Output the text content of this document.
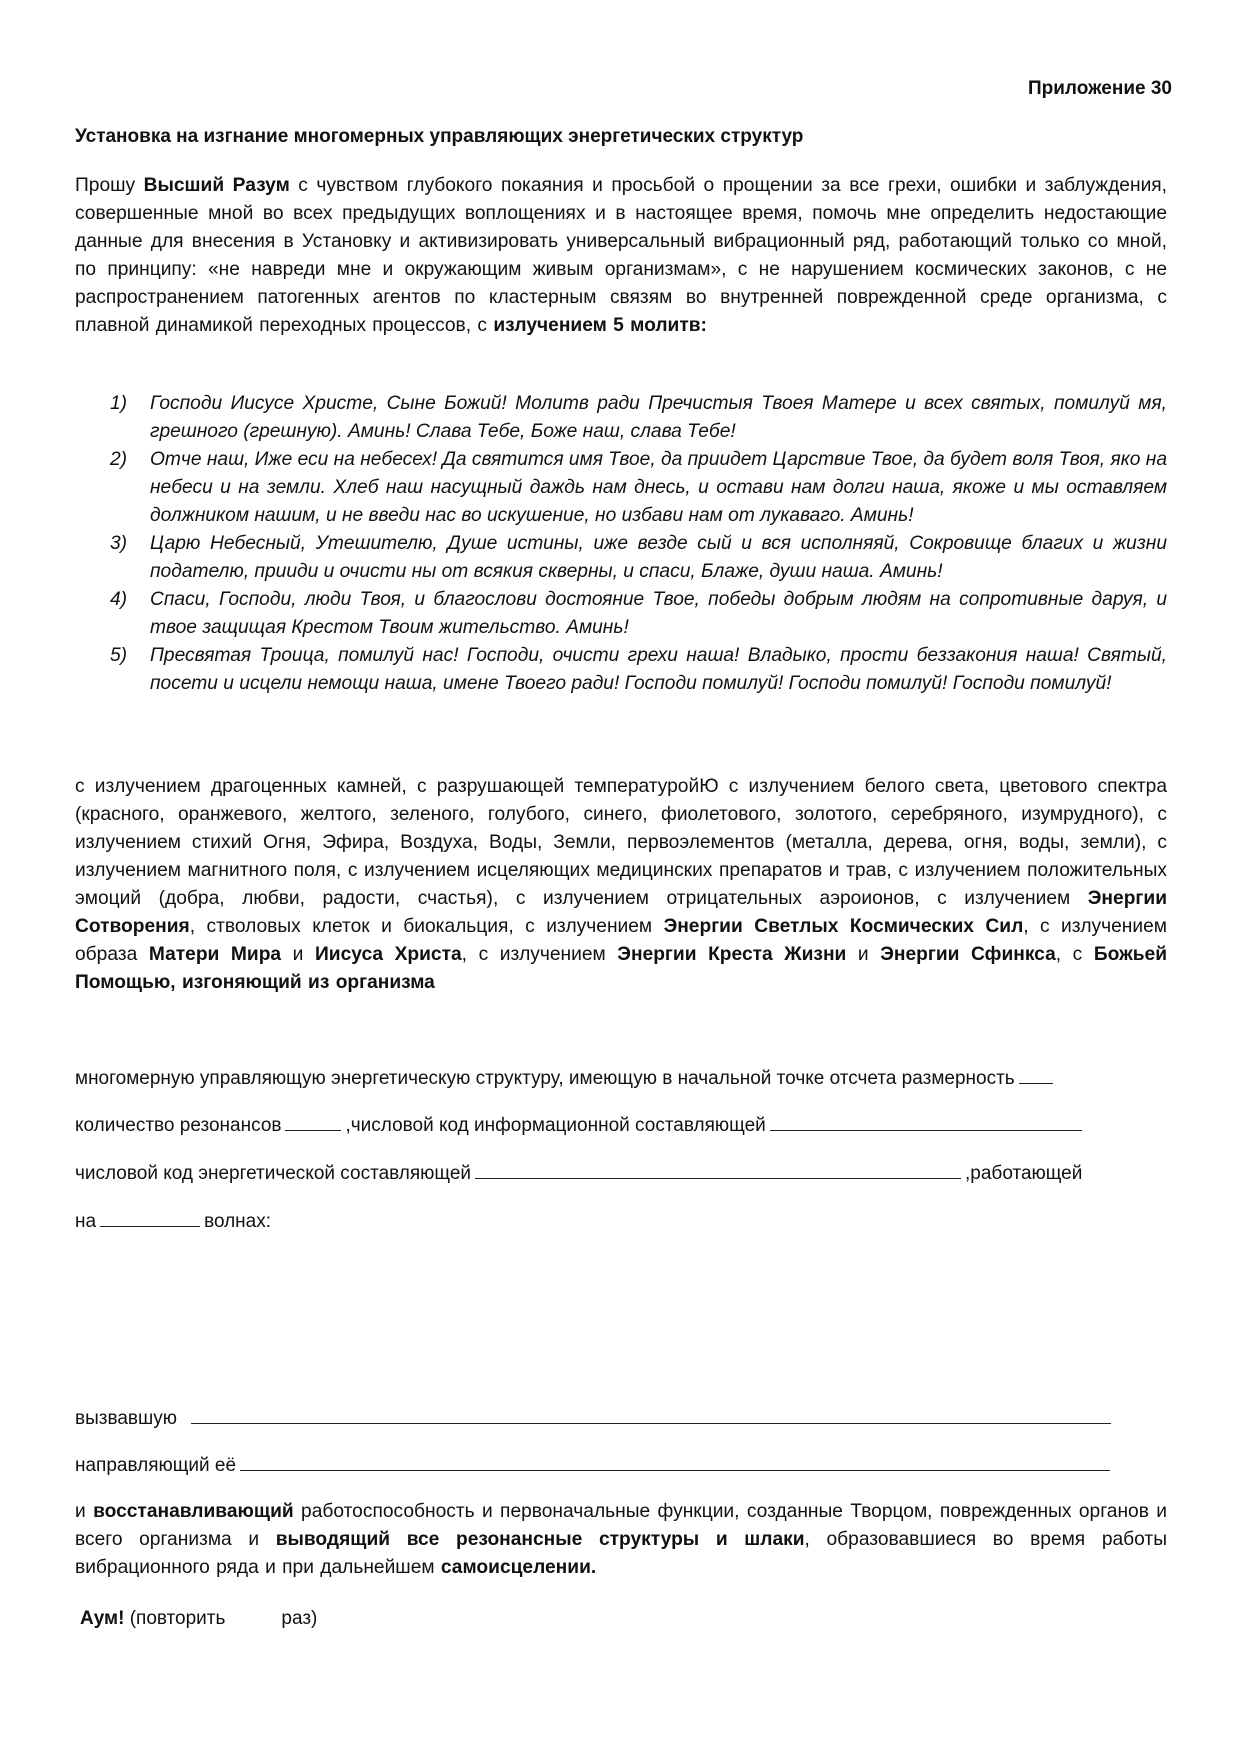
Приложение 30
Установка на изгнание многомерных управляющих энергетических структур
Прошу Высший Разум с чувством глубокого покаяния и просьбой о прощении за все грехи, ошибки и заблуждения, совершенные мной во всех предыдущих воплощениях и в настоящее время, помочь мне определить недостающие данные для внесения в Установку и активизировать универсальный вибрационный ряд, работающий только со мной, по принципу: «не навреди мне и окружающим живым организмам», с не нарушением космических законов, с не распространением патогенных агентов по кластерным связям во внутренней поврежденной среде организма, с плавной динамикой переходных процессов, с излучением 5 молитв:
1) Господи Иисусе Христе, Сыне Божий! Молитв ради Пречистыя Твоея Матере и всех святых, помилуй мя, грешного (грешную). Аминь! Слава Тебе, Боже наш, слава Тебе!
2) Отче наш, Иже еси на небесех! Да святится имя Твое, да приидет Царствие Твое, да будет воля Твоя, яко на небеси и на земли. Хлеб наш насущный даждь нам днесь, и остави нам долги наша, якоже и мы оставляем должником нашим, и не введи нас во искушение, но избави нам от лукаваго. Аминь!
3) Царю Небесный, Утешителю, Душе истины, иже везде сый и вся исполняяй, Сокровище благих и жизни подателю, прииди и очисти ны от всякия скверны, и спаси, Блаже, души наша. Аминь!
4) Спаси, Господи, люди Твоя, и благослови достояние Твое, победы добрым людям на сопротивные даруя, и твое защищая Крестом Твоим жительство. Аминь!
5) Пресвятая Троица, помилуй нас! Господи, очисти грехи наша! Владыко, прости беззакония наша! Святый, посети и исцели немощи наша, имене Твоего ради! Господи помилуй! Господи помилуй! Господи помилуй!
с излучением драгоценных камней, с разрушающей температуройЮ с излучением белого света, цветового спектра (красного, оранжевого, желтого, зеленого, голубого, синего, фиолетового, золотого, серебряного, изумрудного), с излучением стихий Огня, Эфира, Воздуха, Воды, Земли, первоэлементов (металла, дерева, огня, воды, земли), с излучением магнитного поля, с излучением исцеляющих медицинских препаратов и трав, с излучением положительных эмоций (добра, любви, радости, счастья), с излучением отрицательных аэроионов, с излучением Энергии Сотворения, стволовых клеток и биокальция, с излучением Энергии Светлых Космических Сил, с излучением образа Матери Мира и Иисуса Христа, с излучением Энергии Креста Жизни и Энергии Сфинкса, с Божьей Помощью, изгоняющий из организма
многомерную управляющую энергетическую структуру, имеющую в начальной точке отсчета размерность
количество резонансов	,числовой код информационной составляющей
числовой код энергетической составляющей	,работающей
на	волнах:
вызвавшую
направляющий её
и восстанавливающий работоспособность и первоначальные функции, созданные Творцом, поврежденных органов и всего организма и выводящий все резонансные структуры и шлаки, образовавшиеся во время работы вибрационного ряда и при дальнейшем самоисцелении.
Аум! (повторить	раз)
